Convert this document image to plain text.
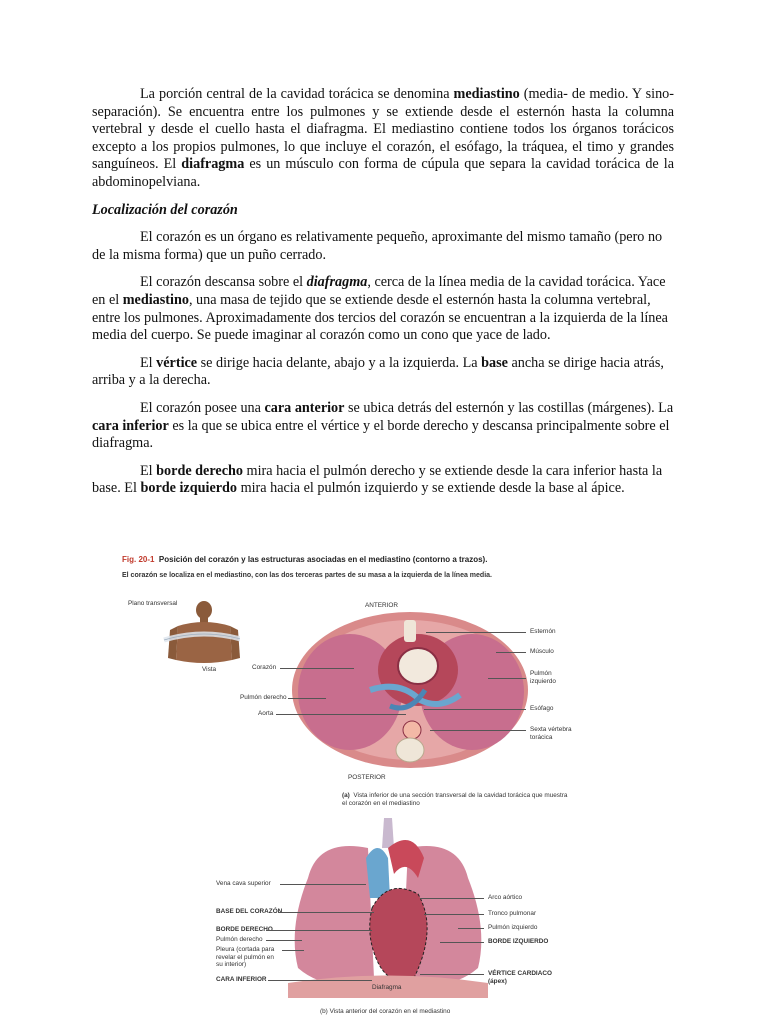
La porción central de la cavidad torácica se denomina mediastino (media- de medio. Y sino- separación). Se encuentra entre los pulmones y se extiende desde el esternón hasta la columna vertebral y desde el cuello hasta el diafragma. El mediastino contiene todos los órganos torácicos excepto a los propios pulmones, lo que incluye el corazón, el esófago, la tráquea, el timo y grandes sanguíneos. El diafragma es un músculo con forma de cúpula que separa la cavidad torácica de la abdominopelviana.

Localización del corazón

El corazón es un órgano es relativamente pequeño, aproximante del mismo tamaño (pero no de la misma forma) que un puño cerrado.

El corazón descansa sobre el diafragma, cerca de la línea media de la cavidad torácica. Yace en el mediastino, una masa de tejido que se extiende desde el esternón hasta la columna vertebral, entre los pulmones. Aproximadamente dos tercios del corazón se encuentran a la izquierda de la línea media del cuerpo. Se puede imaginar al corazón como un cono que yace de lado.

El vértice se dirige hacia delante, abajo y a la izquierda. La base ancha se dirige hacia atrás, arriba y a la derecha.

El corazón posee una cara anterior se ubica detrás del esternón y las costillas (márgenes). La cara inferior es la que se ubica entre el vértice y el borde derecho y descansa principalmente sobre el diafragma.

El borde derecho mira hacia el pulmón derecho y se extiende desde la cara inferior hasta la base. El borde izquierdo mira hacia el pulmón izquierdo y se extiende desde la base al ápice.

Fig. 20-1 Posición del corazón y las estructuras asociadas en el mediastino (contorno a trazos).
El corazón se localiza en el mediastino, con las dos terceras partes de su masa a la izquierda de la línea media.
Plano transversal
Vista
ANTERIOR
POSTERIOR
Corazón
Pulmón derecho
Aorta
Esternón
Músculo
Pulmón izquierdo
Esófago
Sexta vértebra torácica
(a) Vista inferior de una sección transversal de la cavidad torácica que muestra el corazón en el mediastino
Vena cava superior
BASE DEL CORAZÓN
BORDE DERECHO
Pulmón derecho
Pleura (cortada para revelar el pulmón en su interior)
CARA INFERIOR
Arco aórtico
Tronco pulmonar
Pulmón izquierdo
BORDE IZQUIERDO
VÉRTICE CARDIACO (ápex)
Diafragma
(b) Vista anterior del corazón en el mediastino
